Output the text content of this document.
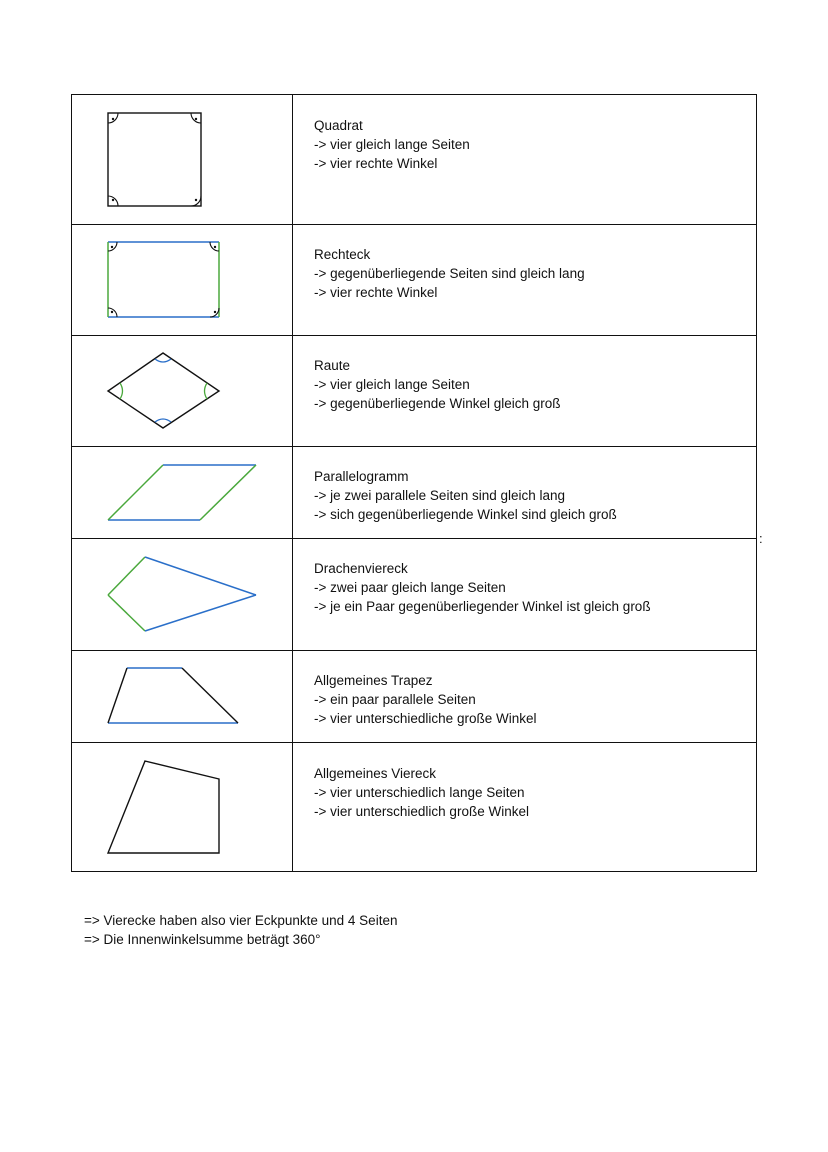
Quadrat
-> vier gleich lange Seiten
-> vier rechte Winkel
Rechteck
-> gegenüberliegende Seiten sind gleich lang
-> vier rechte Winkel
Raute
-> vier gleich lange Seiten
-> gegenüberliegende Winkel gleich groß
Parallelogramm
-> je zwei parallele Seiten sind gleich lang
-> sich gegenüberliegende Winkel sind gleich groß
Drachenviereck
-> zwei paar gleich lange Seiten
-> je ein Paar gegenüberliegender Winkel ist gleich groß
Allgemeines Trapez
-> ein paar parallele Seiten
-> vier unterschiedliche große Winkel
Allgemeines Viereck
-> vier unterschiedlich lange Seiten
-> vier unterschiedlich große Winkel
:
=> Vierecke haben also vier Eckpunkte und 4 Seiten
=> Die Innenwinkelsumme beträgt 360°
